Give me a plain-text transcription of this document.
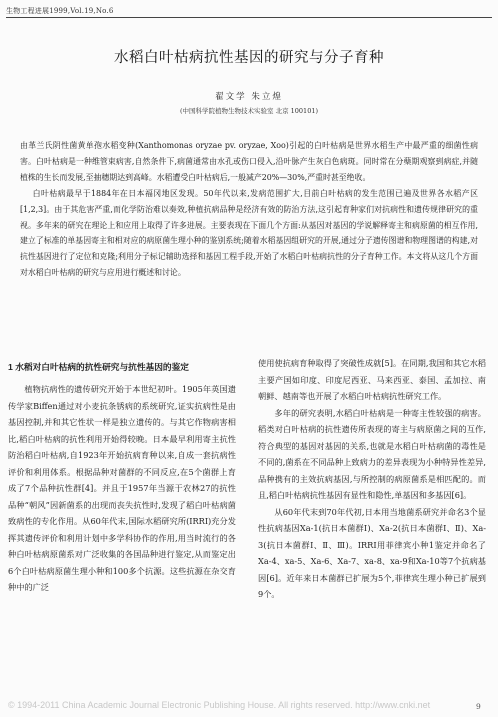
生物工程进展1999,Vol.19,No.6
水稻白叶枯病抗性基因的研究与分子育种
翟文学 朱立煌
(中国科学院植物生物技术实验室 北京 100101)

由革兰氏阴性菌黄单孢水稻变种(Xanthomonas oryzae pv. oryzae, Xoo)引起的白叶枯病是世界水稻生产中最严重的细菌性病害。白叶枯病是一种维管束病害,自然条件下,病菌通常由水孔或伤口侵入,沿叶脉产生灰白色病斑。同时常在分蘖期观察到病症,并随植株的生长而发展,至抽穗期达到高峰。水稻遭受白叶枯病后,一般减产20%—30%,严重时甚至绝收。

白叶枯病最早于1884年在日本福冈地区发现。50年代以来,发病范围扩大,目前白叶枯病的发生范围已遍及世界各水稻产区[1,2,3]。由于其危害严重,而化学防治难以奏效,种植抗病品种是经济有效的防治方法,这引起育种家们对抗病性和遗传规律研究的重视。多年来的研究在理论上和应用上取得了许多进展。主要表现在下面几个方面:从基因对基因的学说解释寄主和病原菌的相互作用,建立了标准的单基因寄主和相对应的病原菌生理小种的鉴别系统;随着水稻基因组研究的开展,通过分子遗传图谱和物理图谱的构建,对抗性基因进行了定位和克隆;利用分子标记辅助选择和基因工程手段,开始了水稻白叶枯病抗性的分子育种工作。本文将从这几个方面对水稻白叶枯病的研究与应用进行概述和讨论。

1 水稻对白叶枯病的抗性研究与抗性基因的鉴定

植物抗病性的遗传研究开始于本世纪初叶。1905年英国遗传学家Biffen通过对小麦抗条锈病的系统研究,证实抗病性是由基因控制,并和其它性状一样是独立遗传的。与其它作物病害相比,稻白叶枯病的抗性利用开始得较晚。日本最早利用寄主抗性防治稻白叶枯病,自1923年开始抗病育种以来,自成一套抗病性评价和利用体系。根据品种对菌群的不同反应,在5个菌群上育成了7个品种抗性群[4]。并且于1957年当源于农林27的抗性品种“朝风”因新菌系的出现而丧失抗性时,发现了稻白叶枯病菌致病性的专化作用。从60年代末,国际水稻研究所(IRRI)充分发挥其遗传评价和利用计划中多学科协作的作用,用当时流行的各种白叶枯病原菌系对广泛收集的各国品种进行鉴定,从而鉴定出6个白叶枯病原菌生理小种和100多个抗源。这些抗源在杂交育种中的广泛

使用使抗病育种取得了突破性成就[5]。在同期,我国和其它水稻主要产国如印度、印度尼西亚、马来西亚、泰国、孟加拉、南朝鲜、越南等也开展了水稻白叶枯病抗性研究工作。

多年的研究表明,水稻白叶枯病是一种寄主性较强的病害。稻类对白叶枯病的抗性遗传所表现的寄主与病原菌之间的互作,符合典型的基因对基因的关系,也就是水稻白叶枯病菌的毒性是不同的,菌系在不同品种上致病力的差异表现为小种特异性差异,品种携有的主效抗病基因,与所控制的病原菌系是相匹配的。而且,稻白叶枯病抗性基因有显性和隐性,单基因和多基因[6]。

从60年代末到70年代初,日本用当地菌系研究并命名3个显性抗病基因Xa-1(抗日本菌群Ⅰ)、Xa-2(抗日本菌群Ⅰ、Ⅱ)、Xa-3(抗日本菌群Ⅰ、Ⅱ、Ⅲ)。IRRI用菲律宾小种1鉴定并命名了Xa-4、xa-5、Xa-6、Xa-7、xa-8、xa-9和Xa-10等7个抗病基因[6]。近年来日本菌群已扩展为5个,菲律宾生理小种已扩展到9个。

© 1994-2011 China Academic Journal Electronic Publishing House. All rights reserved. http://www.cnki.net	9
